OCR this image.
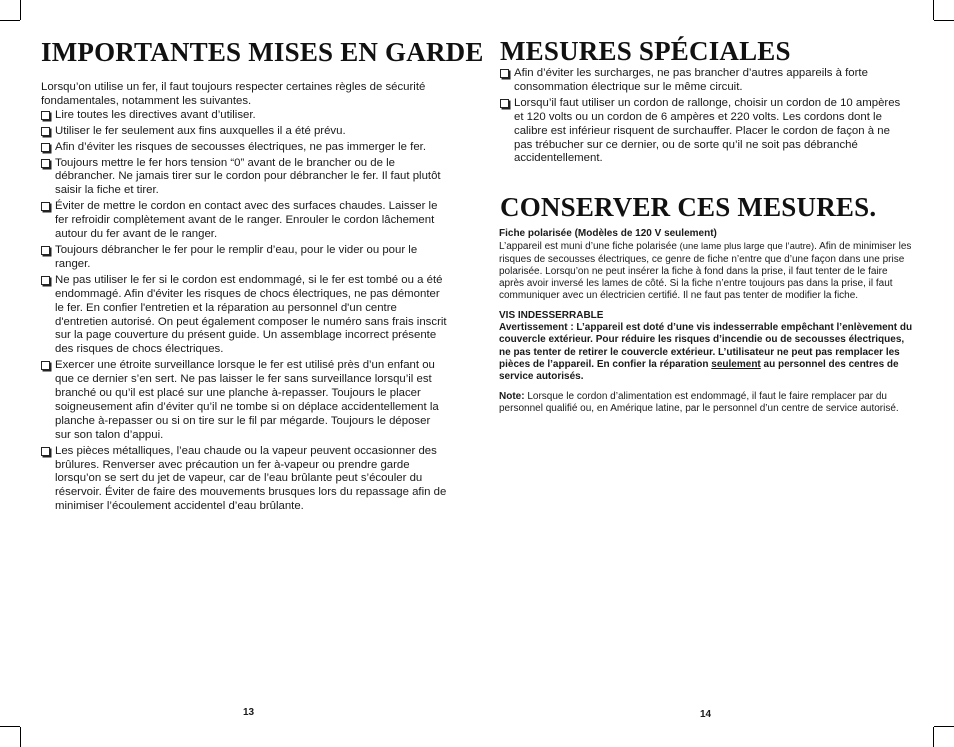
IMPORTANTES MISES EN GARDE

Lorsqu’on utilise un fer, il faut toujours respecter certaines règles de sécurité fondamentales, notamment les suivantes.

Lire toutes les directives avant d’utiliser.
Utiliser le fer seulement aux fins auxquelles il a été prévu.
Afin d’éviter les risques de secousses électriques, ne pas immerger le fer.
Toujours mettre le fer hors tension “0” avant de le brancher ou de le débrancher. Ne jamais tirer sur le cordon pour débrancher le fer. Il faut plutôt saisir la fiche et tirer.
Éviter de mettre le cordon en contact avec des surfaces chaudes. Laisser le fer refroidir complètement avant de le ranger. Enrouler le cordon lâchement autour du fer avant de le ranger.
Toujours débrancher le fer pour le remplir d’eau, pour le vider ou pour le ranger.
Ne pas utiliser le fer si le cordon est endommagé, si le fer est tombé ou a été endommagé. Afin d'éviter les risques de chocs électriques, ne pas démonter le fer. En confier l'entretien et la réparation au personnel d'un centre d'entretien autorisé. On peut également composer le numéro sans frais inscrit sur la page couverture du présent guide. Un assemblage incorrect présente des risques de chocs électriques.
Exercer une étroite surveillance lorsque le fer est utilisé près d’un enfant ou que ce dernier s’en sert. Ne pas laisser le fer sans surveillance lorsqu’il est branché ou qu’il est placé sur une planche à-repasser. Toujours le placer soigneusement afin d’éviter qu’il ne tombe si on déplace accidentellement la planche à-repasser ou si on tire sur le fil par mégarde. Toujours le déposer sur son talon d’appui.
Les pièces métalliques, l’eau chaude ou la vapeur peuvent occasionner des brûlures. Renverser avec précaution un fer à-vapeur ou prendre garde lorsqu’on se sert du jet de vapeur, car de l’eau brûlante peut s’écouler du réservoir. Éviter de faire des mouvements brusques lors du repassage afin de minimiser l’écoulement accidentel d’eau brûlante.
13
MESURES SPÉCIALES
Afin d’éviter les surcharges, ne pas brancher d’autres appareils à forte consommation électrique sur le même circuit.
Lorsqu’il faut utiliser un cordon de rallonge, choisir un cordon de 10 ampères et 120 volts ou un cordon de 6 ampères et 220 volts. Les cordons dont le calibre est inférieur risquent de surchauffer. Placer le cordon de façon à ne pas trébucher sur ce dernier, ou de sorte qu’il ne soit pas débranché accidentellement.
CONSERVER CES MESURES.

Fiche polarisée (Modèles de 120 V seulement)
L’appareil est muni d’une fiche polarisée (une lame plus large que l’autre). Afin de minimiser les risques de secousses électriques, ce genre de fiche n’entre que d’une façon dans une prise polarisée. Lorsqu’on ne peut insérer la fiche à fond dans la prise, il faut tenter de le faire après avoir inversé les lames de côté. Si la fiche n’entre toujours pas dans la prise, il faut communiquer avec un électricien certifié. Il ne faut pas tenter de modifier la fiche.

VIS INDESSERRABLE
Avertissement : L’appareil est doté d’une vis indesserrable empêchant l’enlèvement du couvercle extérieur. Pour réduire les risques d’incendie ou de secousses électriques, ne pas tenter de retirer le couvercle extérieur. L’utilisateur ne peut pas remplacer les pièces de l’appareil. En confier la réparation seulement au personnel des centres de service autorisés.

Note: Lorsque le cordon d’alimentation est endommagé, il faut le faire remplacer par du personnel qualifié ou, en Amérique latine, par le personnel d’un centre de service autorisé.

14
